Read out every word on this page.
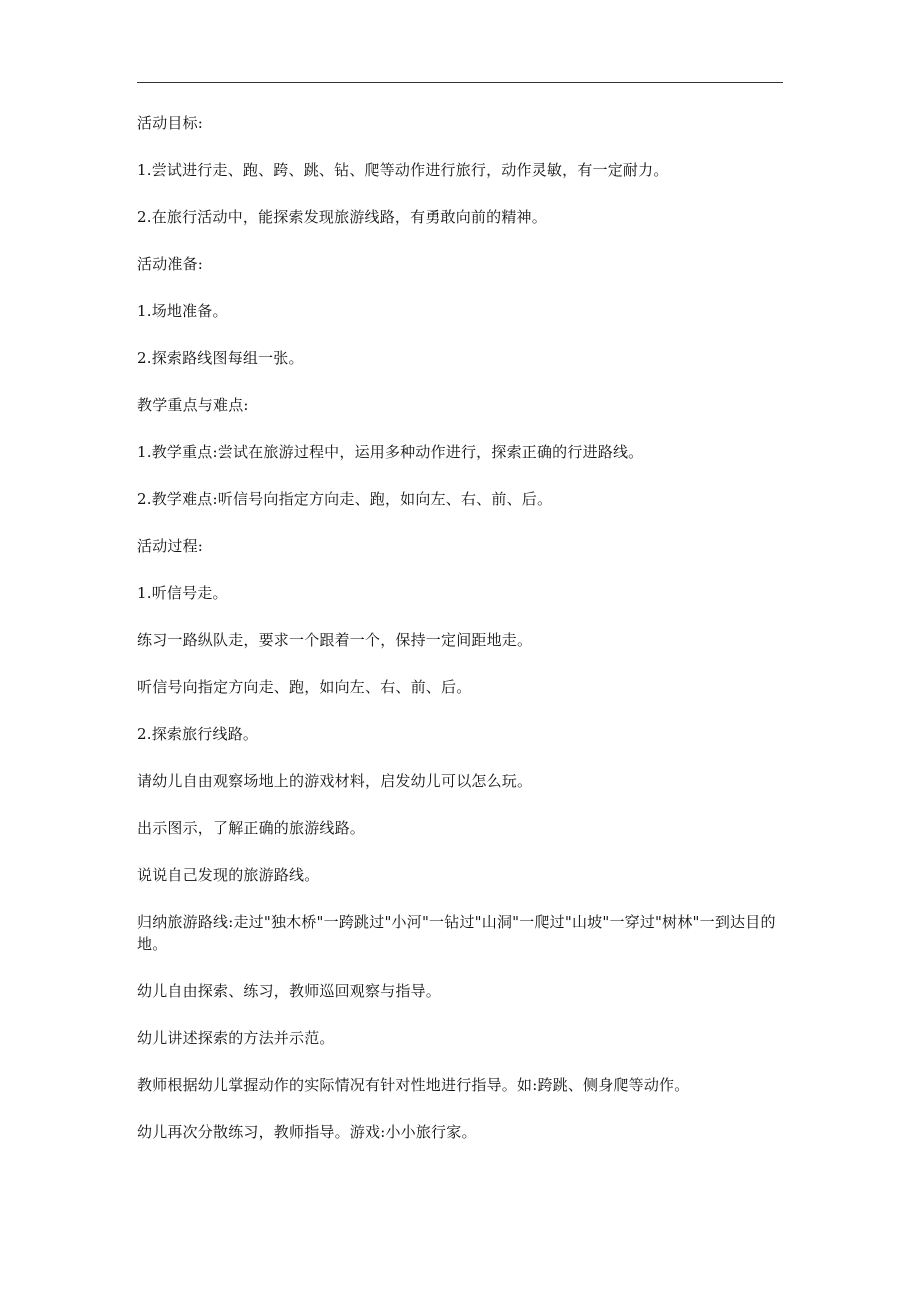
活动目标:

1.尝试进行走、跑、跨、跳、钻、爬等动作进行旅行，动作灵敏，有一定耐力。

2.在旅行活动中，能探索发现旅游线路，有勇敢向前的精神。

活动准备:

1.场地准备。

2.探索路线图每组一张。

教学重点与难点:

1.教学重点:尝试在旅游过程中，运用多种动作进行，探索正确的行进路线。

2.教学难点:听信号向指定方向走、跑，如向左、右、前、后。

活动过程:

1.听信号走。

练习一路纵队走，要求一个跟着一个，保持一定间距地走。

听信号向指定方向走、跑，如向左、右、前、后。

2.探索旅行线路。

请幼儿自由观察场地上的游戏材料，启发幼儿可以怎么玩。

出示图示，了解正确的旅游线路。

说说自己发现的旅游路线。

归纳旅游路线:走过"独木桥"一跨跳过"小河"一钻过"山洞"一爬过"山坡"一穿过"树林"一到达目的地。

幼儿自由探索、练习，教师巡回观察与指导。

幼儿讲述探索的方法并示范。

教师根据幼儿掌握动作的实际情况有针对性地进行指导。如:跨跳、侧身爬等动作。

幼儿再次分散练习，教师指导。游戏:小小旅行家。
